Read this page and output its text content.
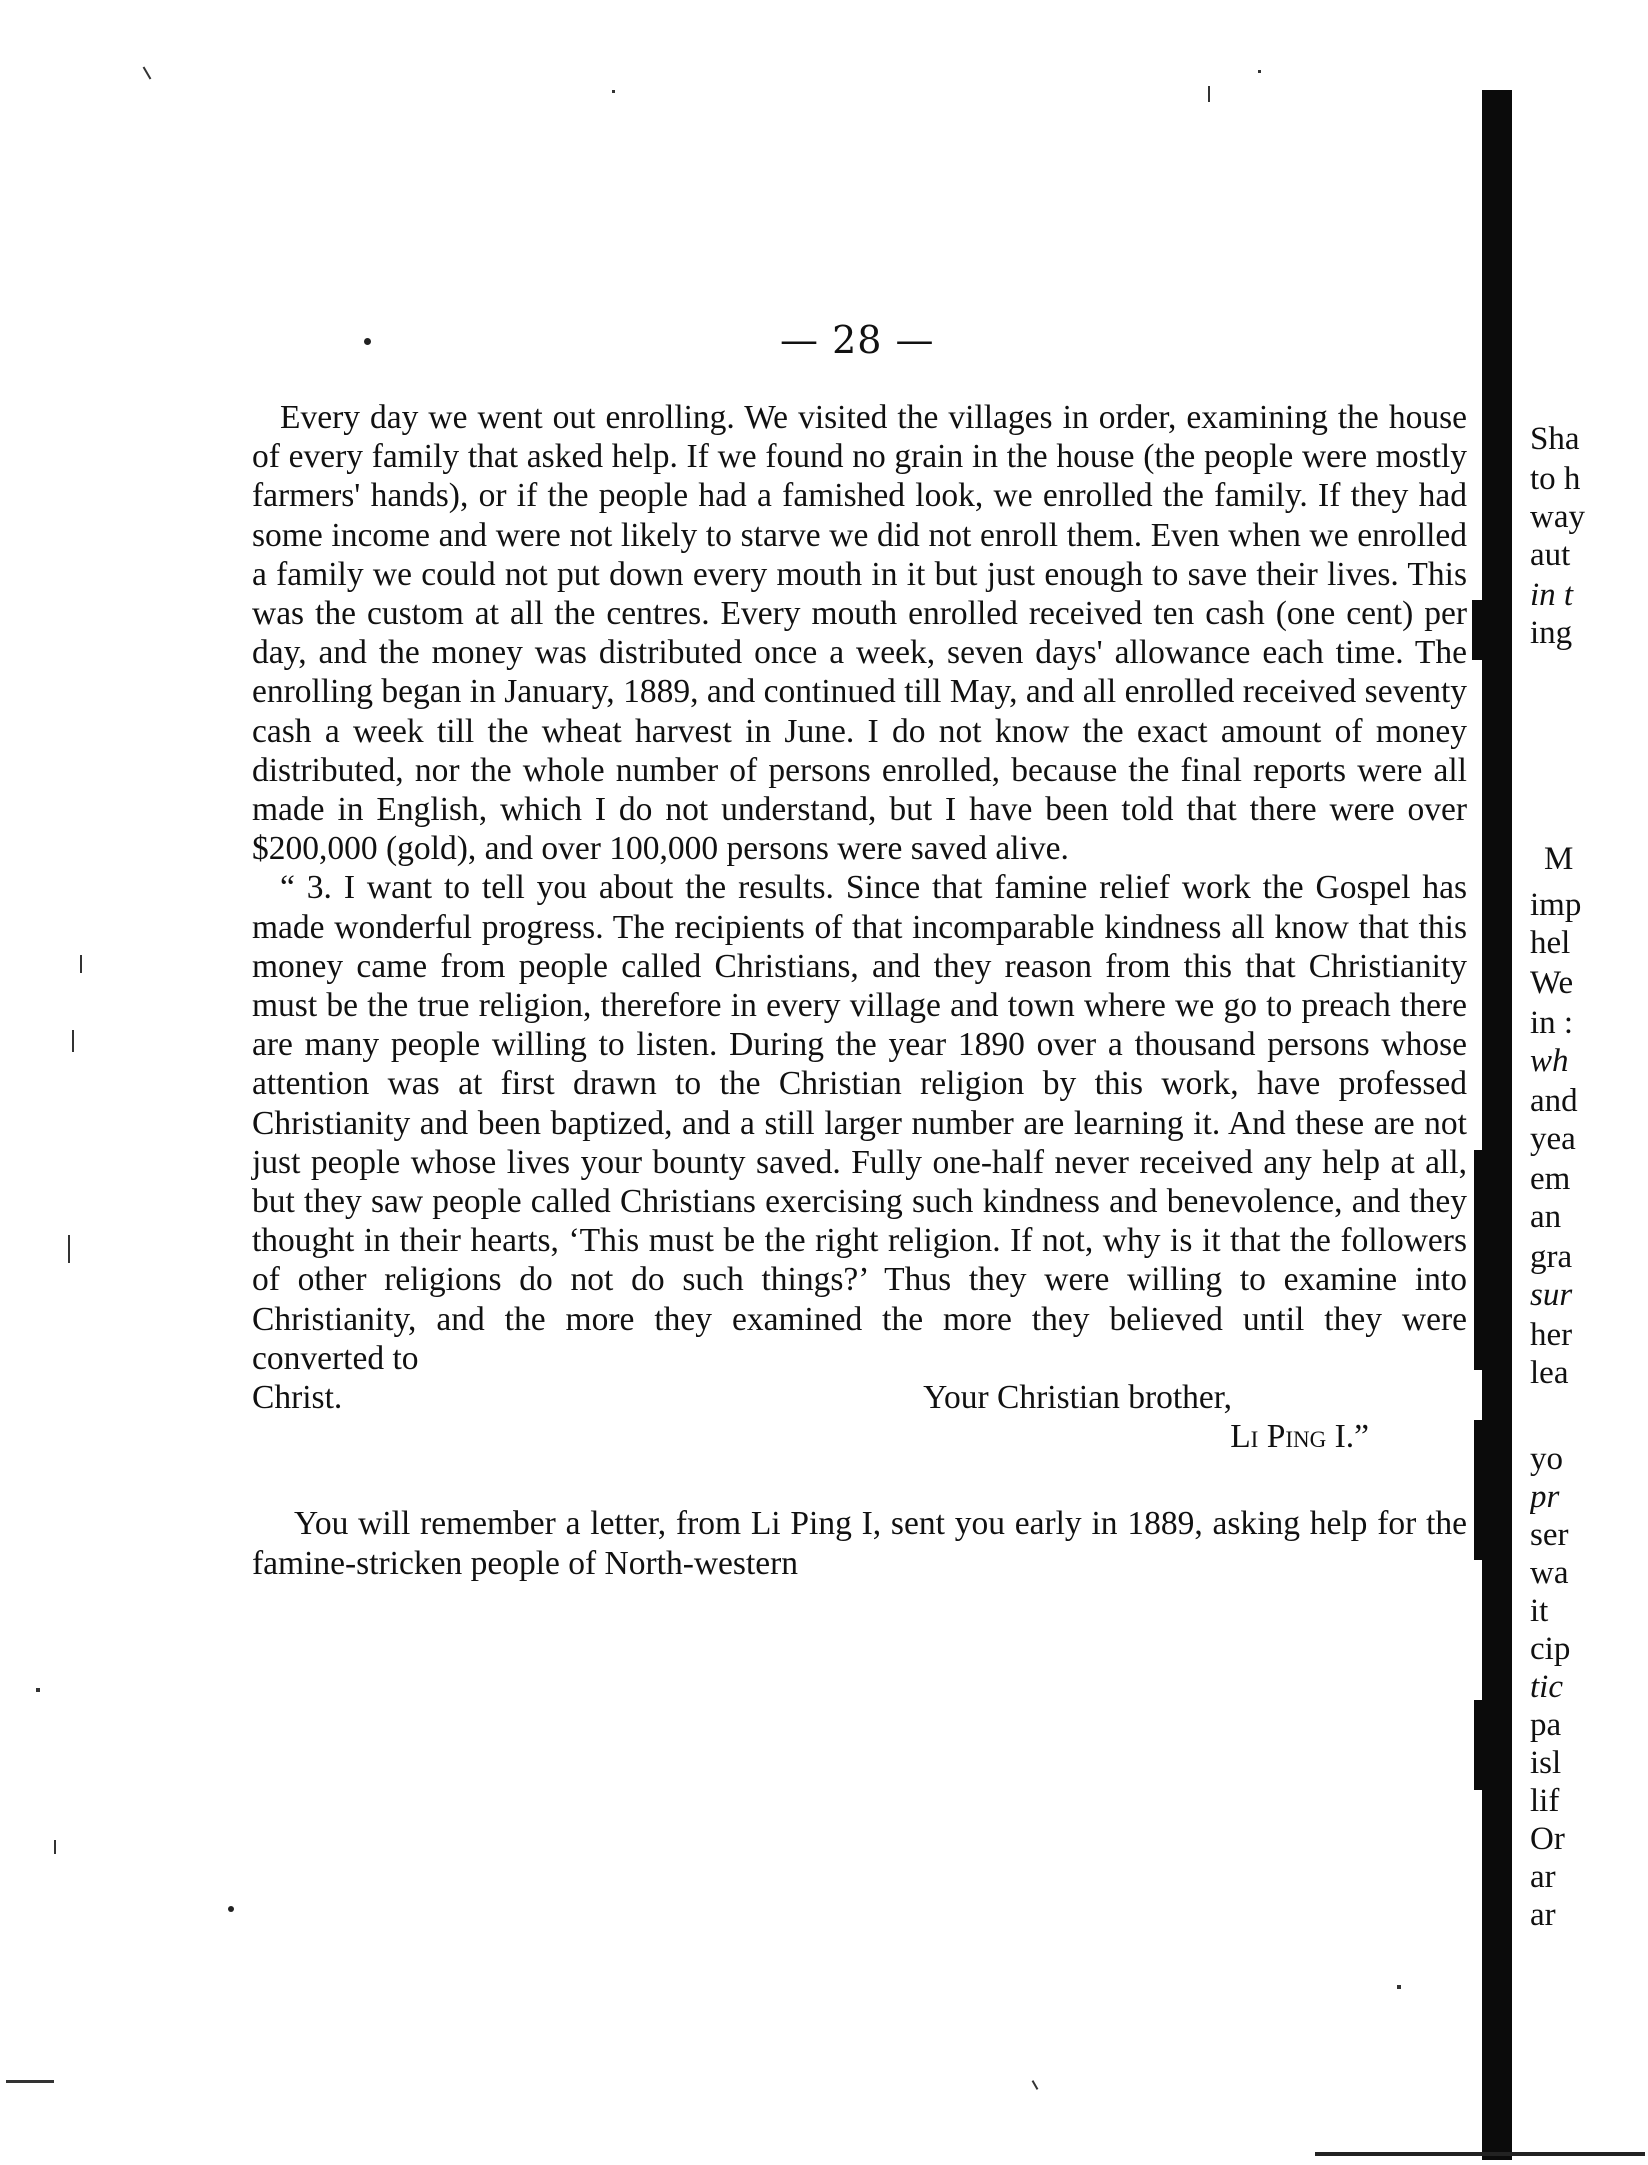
— 28 —

Every day we went out enrolling. We visited the villages in order, examining the house of every family that asked help. If we found no grain in the house (the people were mostly farmers' hands), or if the people had a famished look, we enrolled the family. If they had some income and were not likely to starve we did not enroll them. Even when we enrolled a family we could not put down every mouth in it but just enough to save their lives. This was the custom at all the centres. Every mouth enrolled received ten cash (one cent) per day, and the money was distributed once a week, seven days' allowance each time. The enrolling began in January, 1889, and continued till May, and all enrolled received seventy cash a week till the wheat harvest in June. I do not know the exact amount of money distributed, nor the whole number of persons enrolled, because the final reports were all made in English, which I do not understand, but I have been told that there were over $200,000 (gold), and over 100,000 persons were saved alive.

“ 3. I want to tell you about the results. Since that famine relief work the Gospel has made wonderful progress. The recipients of that incomparable kindness all know that this money came from people called Christians, and they reason from this that Christianity must be the true religion, therefore in every village and town where we go to preach there are many people willing to listen. During the year 1890 over a thousand persons whose attention was at first drawn to the Christian religion by this work, have professed Christianity and been baptized, and a still larger number are learning it. And these are not just people whose lives your bounty saved. Fully one-half never received any help at all, but they saw people called Christians exercising such kindness and benevolence, and they thought in their hearts, ‘This must be the right religion. If not, why is it that the followers of other religions do not do such things?’ Thus they were willing to examine into Christianity, and the more they examined the more they believed until they were converted to

Christ.	Your Christian brother,
Li Ping I.”

You will remember a letter, from Li Ping I, sent you early in 1889, asking help for the famine-stricken people of North-western

Sha
to h
way
aut
in t
ing
M
imp
hel
We
in :
wh
and
yea
em
an
gra
sur
her
lea
yo
pr
ser
wa
it
cip
tic
pa
isl
lif
Or
ar
ar
